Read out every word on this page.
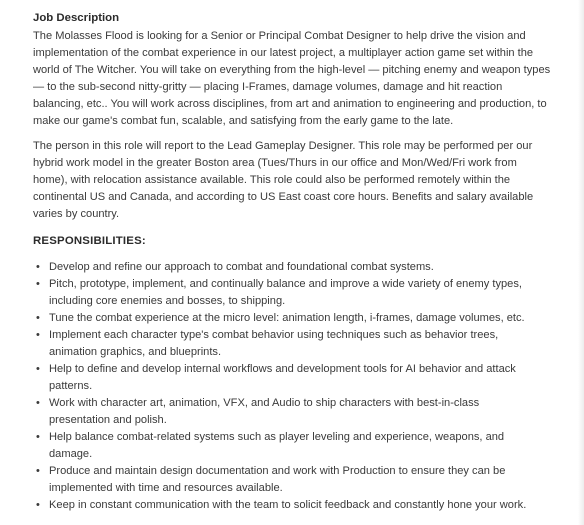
Job Description

The Molasses Flood is looking for a Senior or Principal Combat Designer to help drive the vision and implementation of the combat experience in our latest project, a multiplayer action game set within the world of The Witcher. You will take on everything from the high-level — pitching enemy and weapon types — to the sub-second nitty-gritty — placing I-Frames, damage volumes, damage and hit reaction balancing, etc.. You will work across disciplines, from art and animation to engineering and production, to make our game's combat fun, scalable, and satisfying from the early game to the late.

The person in this role will report to the Lead Gameplay Designer. This role may be performed per our hybrid work model in the greater Boston area (Tues/Thurs in our office and Mon/Wed/Fri work from home), with relocation assistance available. This role could also be performed remotely within the continental US and Canada, and according to US East coast core hours. Benefits and salary available varies by country.

RESPONSIBILITIES:
• Develop and refine our approach to combat and foundational combat systems.
• Pitch, prototype, implement, and continually balance and improve a wide variety of enemy types, including core enemies and bosses, to shipping.
• Tune the combat experience at the micro level: animation length, i-frames, damage volumes, etc.
• Implement each character type's combat behavior using techniques such as behavior trees, animation graphics, and blueprints.
• Help to define and develop internal workflows and development tools for AI behavior and attack patterns.
• Work with character art, animation, VFX, and Audio to ship characters with best-in-class presentation and polish.
• Help balance combat-related systems such as player leveling and experience, weapons, and damage.
• Produce and maintain design documentation and work with Production to ensure they can be implemented with time and resources available.
• Keep in constant communication with the team to solicit feedback and constantly hone your work.
